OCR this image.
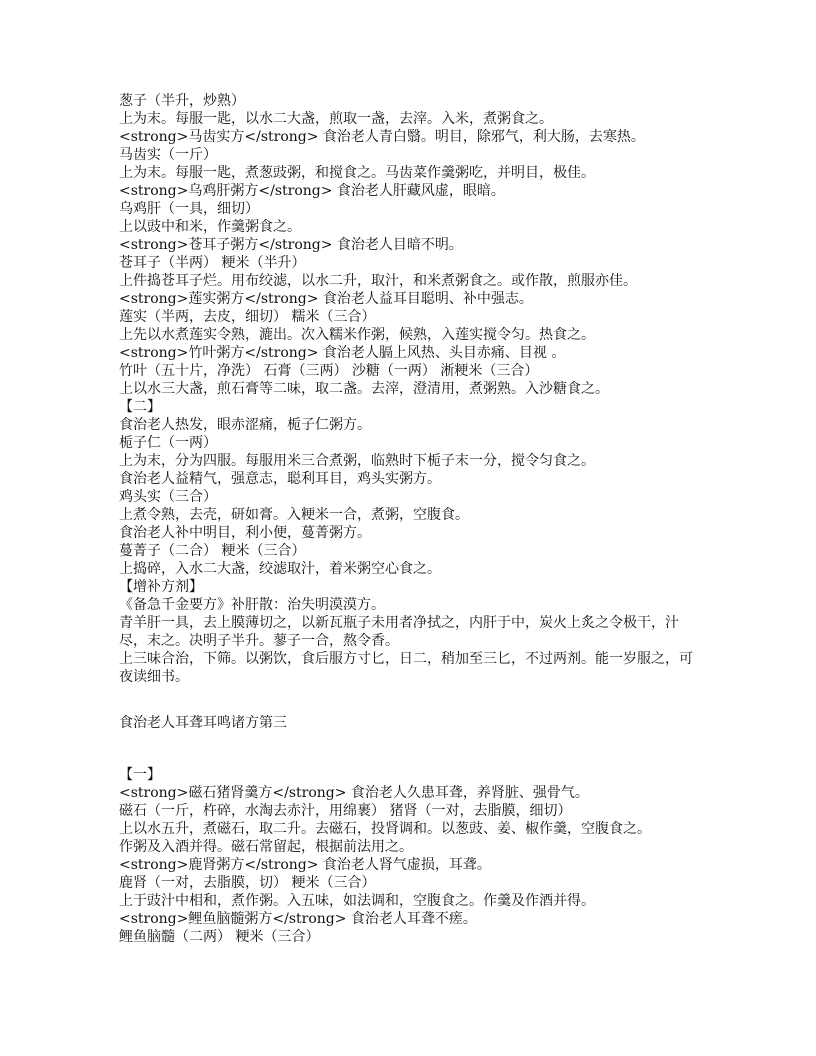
葱子（半升，炒熟）
上为末。每服一匙，以水二大盏，煎取一盏，去滓。入米，煮粥食之。
<strong>马齿实方</strong> 食治老人青白翳。明目，除邪气，利大肠，去寒热。
马齿实（一斤）
上为末。每服一匙，煮葱豉粥，和搅食之。马齿菜作羹粥吃，并明目，极佳。
<strong>乌鸡肝粥方</strong> 食治老人肝藏风虚，眼暗。
乌鸡肝（一具，细切）
上以豉中和米，作羹粥食之。
<strong>苍耳子粥方</strong> 食治老人目暗不明。
苍耳子（半两） 粳米（半升）
上件捣苍耳子烂。用布绞滤，以水二升，取汁，和米煮粥食之。或作散，煎服亦佳。
<strong>莲实粥方</strong> 食治老人益耳目聪明、补中强志。
莲实（半两，去皮，细切） 糯米（三合）
上先以水煮莲实令熟，漉出。次入糯米作粥，候熟，入莲实搅令匀。热食之。
<strong>竹叶粥方</strong> 食治老人膈上风热、头目赤痛、目视 。
竹叶（五十片，净洗） 石膏（三两） 沙糖（一两） 淅粳米（三合）
上以水三大盏，煎石膏等二味，取二盏。去滓，澄清用，煮粥熟。入沙糖食之。
【二】
食治老人热发，眼赤涩痛，栀子仁粥方。
栀子仁（一两）
上为末，分为四服。每服用米三合煮粥，临熟时下栀子末一分，搅令匀食之。
食治老人益精气，强意志，聪利耳目，鸡头实粥方。
鸡头实（三合）
上煮令熟，去壳，研如膏。入粳米一合，煮粥，空腹食。
食治老人补中明目，利小便，蔓菁粥方。
蔓菁子（二合） 粳米（三合）
上捣碎，入水二大盏，绞滤取汁，着米粥空心食之。
【增补方剂】
《备急千金要方》补肝散：治失明漠漠方。
青羊肝一具，去上膜薄切之，以新瓦瓶子未用者净拭之，内肝于中，炭火上炙之令极干，汁尽，末之。决明子半升。蓼子一合，熬令香。
上三味合治，下筛。以粥饮，食后服方寸匕，日二，稍加至三匕，不过两剂。能一岁服之，可夜读细书。
食治老人耳聋耳鸣诸方第三
【一】
<strong>磁石猪肾羹方</strong> 食治老人久患耳聋，养肾脏、强骨气。
磁石（一斤，杵碎，水淘去赤汁，用绵裹） 猪肾（一对，去脂膜，细切）
上以水五升，煮磁石，取二升。去磁石，投肾调和。以葱豉、姜、椒作羹，空腹食之。
作粥及入酒并得。磁石常留起，根据前法用之。
<strong>鹿肾粥方</strong> 食治老人肾气虚损，耳聋。
鹿肾（一对，去脂膜，切） 粳米（三合）
上于豉汁中相和，煮作粥。入五味，如法调和，空腹食之。作羹及作酒并得。
<strong>鲤鱼脑髓粥方</strong> 食治老人耳聋不瘥。
鲤鱼脑髓（二两） 粳米（三合）
